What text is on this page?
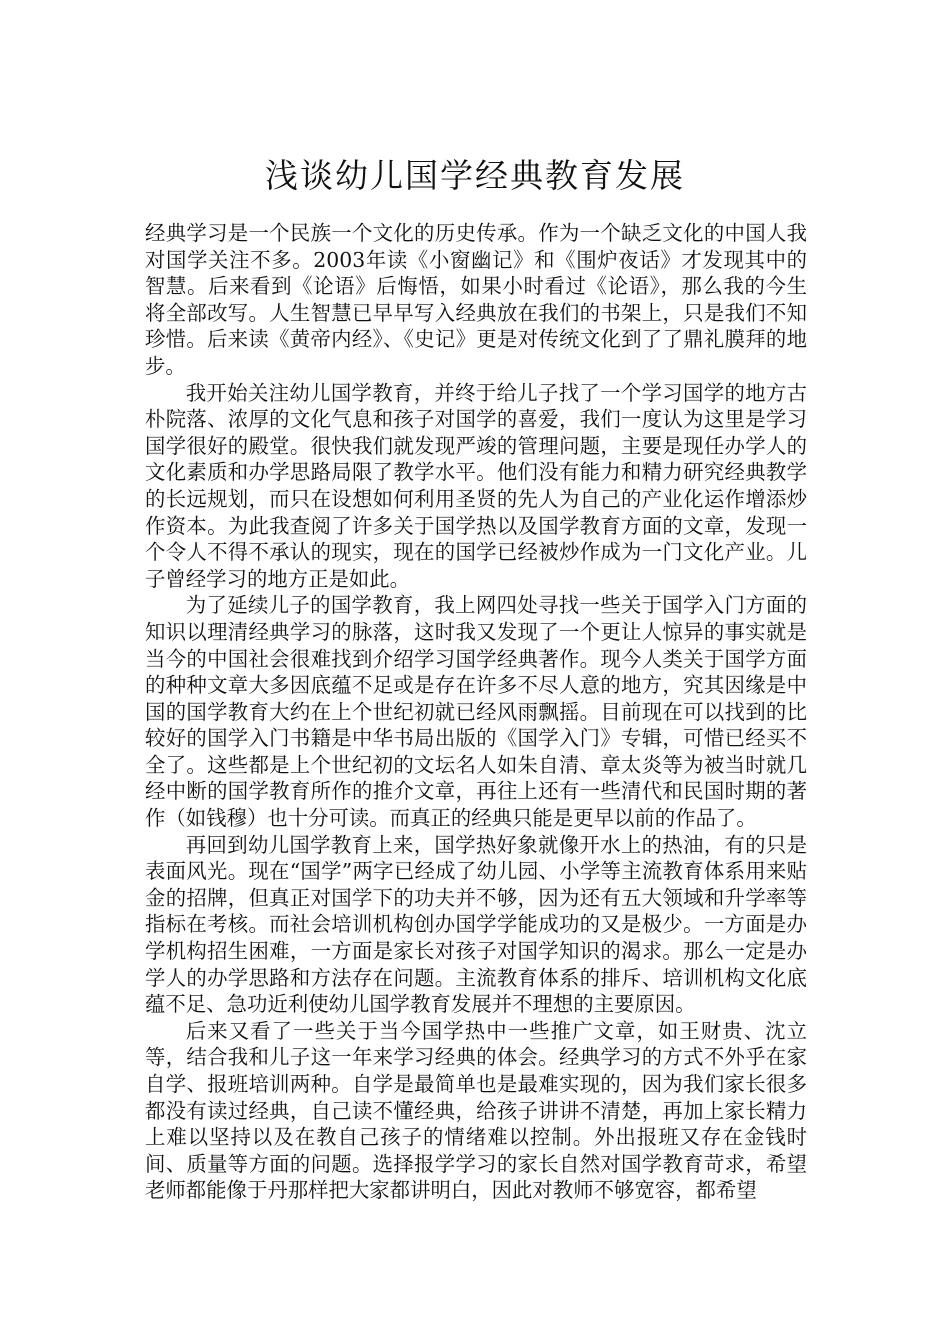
浅谈幼儿国学经典教育发展

经典学习是一个民族一个文化的历史传承。作为一个缺乏文化的中国人我对国学关注不多。2003年读《小窗幽记》和《围炉夜话》才发现其中的智慧。后来看到《论语》后悔悟，如果小时看过《论语》，那么我的今生将全部改写。人生智慧已早早写入经典放在我们的书架上，只是我们不知珍惜。后来读《黄帝内经》、《史记》更是对传统文化到了了鼎礼膜拜的地步。

我开始关注幼儿国学教育，并终于给儿子找了一个学习国学的地方古朴院落、浓厚的文化气息和孩子对国学的喜爱，我们一度认为这里是学习国学很好的殿堂。很快我们就发现严竣的管理问题，主要是现任办学人的文化素质和办学思路局限了教学水平。他们没有能力和精力研究经典教学的长远规划，而只在设想如何利用圣贤的先人为自己的产业化运作增添炒作资本。为此我查阅了许多关于国学热以及国学教育方面的文章，发现一个令人不得不承认的现实，现在的国学已经被炒作成为一门文化产业。儿子曾经学习的地方正是如此。

为了延续儿子的国学教育，我上网四处寻找一些关于国学入门方面的知识以理清经典学习的脉落，这时我又发现了一个更让人惊异的事实就是当今的中国社会很难找到介绍学习国学经典著作。现今人类关于国学方面的种种文章大多因底蕴不足或是存在许多不尽人意的地方，究其因缘是中国的国学教育大约在上个世纪初就已经风雨飘摇。目前现在可以找到的比较好的国学入门书籍是中华书局出版的《国学入门》专辑，可惜已经买不全了。这些都是上个世纪初的文坛名人如朱自清、章太炎等为被当时就几经中断的国学教育所作的推介文章，再往上还有一些清代和民国时期的著作（如钱穆）也十分可读。而真正的经典只能是更早以前的作品了。

再回到幼儿国学教育上来，国学热好象就像开水上的热油，有的只是表面风光。现在“国学”两字已经成了幼儿园、小学等主流教育体系用来贴金的招牌，但真正对国学下的功夫并不够，因为还有五大领域和升学率等指标在考核。而社会培训机构创办国学学能成功的又是极少。一方面是办学机构招生困难，一方面是家长对孩子对国学知识的渴求。那么一定是办学人的办学思路和方法存在问题。主流教育体系的排斥、培训机构文化底蕴不足、急功近利使幼儿国学教育发展并不理想的主要原因。

后来又看了一些关于当今国学热中一些推广文章，如王财贵、沈立等，结合我和儿子这一年来学习经典的体会。经典学习的方式不外乎在家自学、报班培训两种。自学是最简单也是最难实现的，因为我们家长很多都没有读过经典，自己读不懂经典，给孩子讲讲不清楚，再加上家长精力上难以坚持以及在教自己孩子的情绪难以控制。外出报班又存在金钱时间、质量等方面的问题。选择报学学习的家长自然对国学教育苛求，希望老师都能像于丹那样把大家都讲明白，因此对教师不够宽容，都希望
